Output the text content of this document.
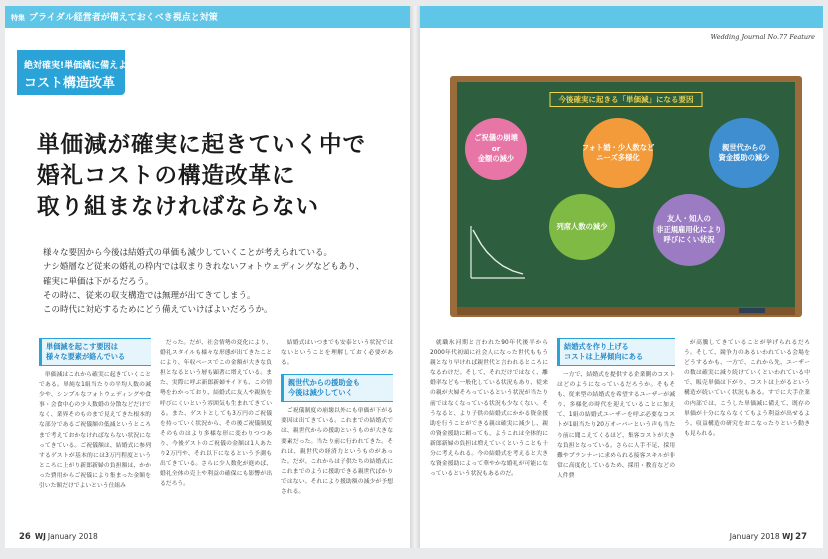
特集 ブライダル経営者が備えておくべき視点と対策
絶対確実!単価減に備えよ!
コスト構造改革
単価減が確実に起きていく中で
婚礼コストの構造改革に
取り組まなければならない
様々な要因から今後は結婚式の単価も減少していくことが考えられている。
ナシ婚層など従来の婚礼の枠内では収まりきれないフォトウェディングなどもあり、
確実に単価は下がるだろう。
その時に、従来の収支構造では無理が出てきてしまう。
この時代に対応するためにどう備えていけばよいだろうか。
単価減を起こす要因は
様々な要素が絡んでいる

単価減はこれから確実に起きていくことである。単純な1組当たりの平均人数の減少や、シンプルなフォトウェディングや食事・会食中心の少人数婚の分散などだけでなく、業界そのものまで見えてきた根本的な部分であるご祝儀額の低減というところまで考えておかなければならない状況になってきている。ご祝儀額は、結婚式に参列するゲストが基本的には3万円程度というところに上がり新郎新婦の負担額は、かかった費用からご祝儀により集まった金額を引いた額だけでよいという仕組み

だった。だが、社会情勢の変化により、婚礼スタイルも様々な形態が出てきたことにより、年収ベースでこの金額が大きな負担となるという層も顕著に増えている。また、実際に呼ぶ新郎新婦サイドも、この情勢をわかっており、結婚式に友人や親族を呼びにくいという雰囲気も生まれてきている。また、ゲストとしても3万円のご祝儀を持っていく状況から、その後ご祝儀制度そのものはより多様な形に変わりつつあり、今後ゲストのご祝儀の金額は1人あたり2万円や、それ以下になるという予測も出てきている。さらに少人数化が進めば、婚礼全体の売上や利益の確保にも影響が出るだろう。

結婚式はいつまでも安泰という状況ではないということを理解しておく必要がある。

親世代からの援助金も
今後は減少していく

ご祝儀制度の崩壊以外にも単価が下がる要因は出てきている。これまでの結婚式では、親世代からの援助というものが大きな要素だった。当たり前に行われてきた。それは、親世代の経済力というものがあった。だが、これからは子供たちの結婚式にこれまでのように援助できる親世代ばかりではない。それにより援助額の減少が予想される。

26 WJ January 2018
Wedding Journal No.77 Feature
今後確実に起きる「単価減」になる要因
ご祝儀の崩壊
or
金額の減少
フォト婚・少人数など
ニーズ多様化
親世代からの
資金援助の減少
列席人数の減少
友人・知人の
非正規雇用化により
呼びにくい状況

就職氷河期と言われた90年代後半から2000年代初頭に社会人になった世代ももう親となり早ければ親世代と言われるところになるわけだ。そして、それだけではなく、離婚率なども一般化している状況もあり、従来の親が夫婦そろっているという状況が当たり前ではなくなっている状況も少なくない。そうなると、より子供の結婚式にかかる資金援助を行うことができる親は確実に減少し、親の資金援助に頼っても、ようこれは全体的に新郎新婦の負担は増えていくということも十分に考えられる。今の結婚式を考えると大きな資金援助によって華やかな婚礼が可能になっているという状況もあるのだ。

結婚式を作り上げる
コストは上昇傾向にある

一方で、結婚式を提供する企業側のコストはどのようになっているだろうか。そもそも、従来型の結婚式を希望するユーザーが減り、多様化の時代を迎えていることに加えて、1組の結婚式ユーザーを呼ぶ必要なコストが1組当たり20万オーバーという声も当たり前に聞こえてくるほど、集客コストが大きな負担となっている。さらに人手不足、採用難やプランナーに求められる接客スキルが非常に高度化しているため、採用・教育などの人件費

が高騰してきていることが挙げられるだろう。そして、競争力のあるいわれている会場をどうするかも、一方で、これから先、ユーザーの数は確実に減り続けていくといわれている中で、販売単価は下がり、コストは上がるという構造が続いていく状況もある。すでに大手企業の内部では、こうした単価減に備えて、既存の単価が十分にならなくてもよう利益が出せるよう、収益構造の研究をおこなったりという動きも見られる。

January 2018 WJ 27
